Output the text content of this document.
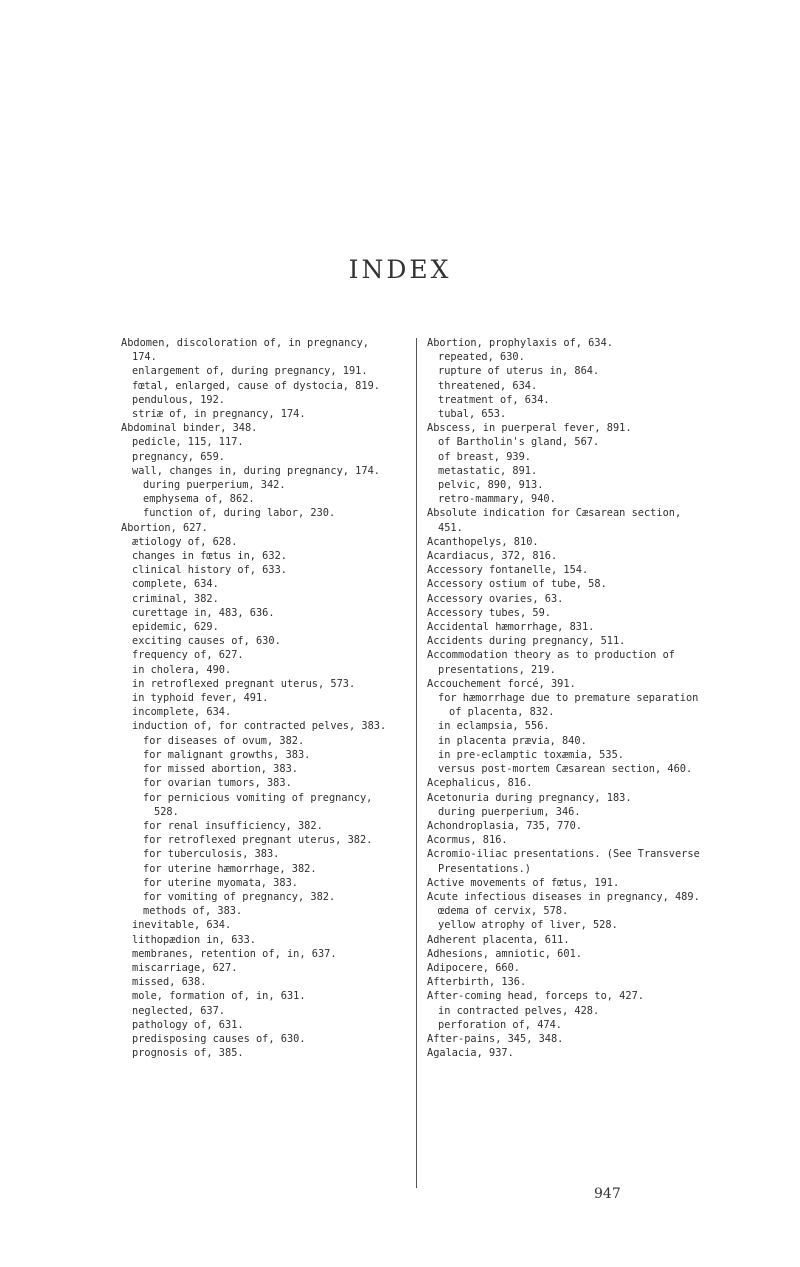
INDEX
Abdomen, discoloration of, in pregnancy, 174.
enlargement of, during pregnancy, 191.
fœtal, enlarged, cause of dystocia, 819.
pendulous, 192.
striæ of, in pregnancy, 174.
Abdominal binder, 348.
pedicle, 115, 117.
pregnancy, 659.
wall, changes in, during pregnancy, 174.
during puerperium, 342.
emphysema of, 862.
function of, during labor, 230.
Abortion, 627.
ætiology of, 628.
changes in fœtus in, 632.
clinical history of, 633.
complete, 634.
criminal, 382.
curettage in, 483, 636.
epidemic, 629.
exciting causes of, 630.
frequency of, 627.
in cholera, 490.
in retroflexed pregnant uterus, 573.
in typhoid fever, 491.
incomplete, 634.
induction of, for contracted pelves, 383.
for diseases of ovum, 382.
for malignant growths, 383.
for missed abortion, 383.
for ovarian tumors, 383.
for pernicious vomiting of pregnancy, 528.
for renal insufficiency, 382.
for retroflexed pregnant uterus, 382.
for tuberculosis, 383.
for uterine hæmorrhage, 382.
for uterine myomata, 383.
for vomiting of pregnancy, 382.
methods of, 383.
inevitable, 634.
lithopædion in, 633.
membranes, retention of, in, 637.
miscarriage, 627.
missed, 638.
mole, formation of, in, 631.
neglected, 637.
pathology of, 631.
predisposing causes of, 630.
prognosis of, 385.
Abortion, prophylaxis of, 634.
repeated, 630.
rupture of uterus in, 864.
threatened, 634.
treatment of, 634.
tubal, 653.
Abscess, in puerperal fever, 891.
of Bartholin's gland, 567.
of breast, 939.
metastatic, 891.
pelvic, 890, 913.
retro-mammary, 940.
Absolute indication for Cæsarean section, 451.
Acanthopelys, 810.
Acardiacus, 372, 816.
Accessory fontanelle, 154.
Accessory ostium of tube, 58.
Accessory ovaries, 63.
Accessory tubes, 59.
Accidental hæmorrhage, 831.
Accidents during pregnancy, 511.
Accommodation theory as to production of presentations, 219.
Accouchement forcé, 391.
for hæmorrhage due to premature separation of placenta, 832.
in eclampsia, 556.
in placenta prævia, 840.
in pre-eclamptic toxæmia, 535.
versus post-mortem Cæsarean section, 460.
Acephalicus, 816.
Acetonuria during pregnancy, 183.
during puerperium, 346.
Achondroplasia, 735, 770.
Acormus, 816.
Acromio-iliac presentations. (See Transverse Presentations.)
Active movements of fœtus, 191.
Acute infectious diseases in pregnancy, 489.
œdema of cervix, 578.
yellow atrophy of liver, 528.
Adherent placenta, 611.
Adhesions, amniotic, 601.
Adipocere, 660.
Afterbirth, 136.
After-coming head, forceps to, 427.
in contracted pelves, 428.
perforation of, 474.
After-pains, 345, 348.
Agalacia, 937.
947
